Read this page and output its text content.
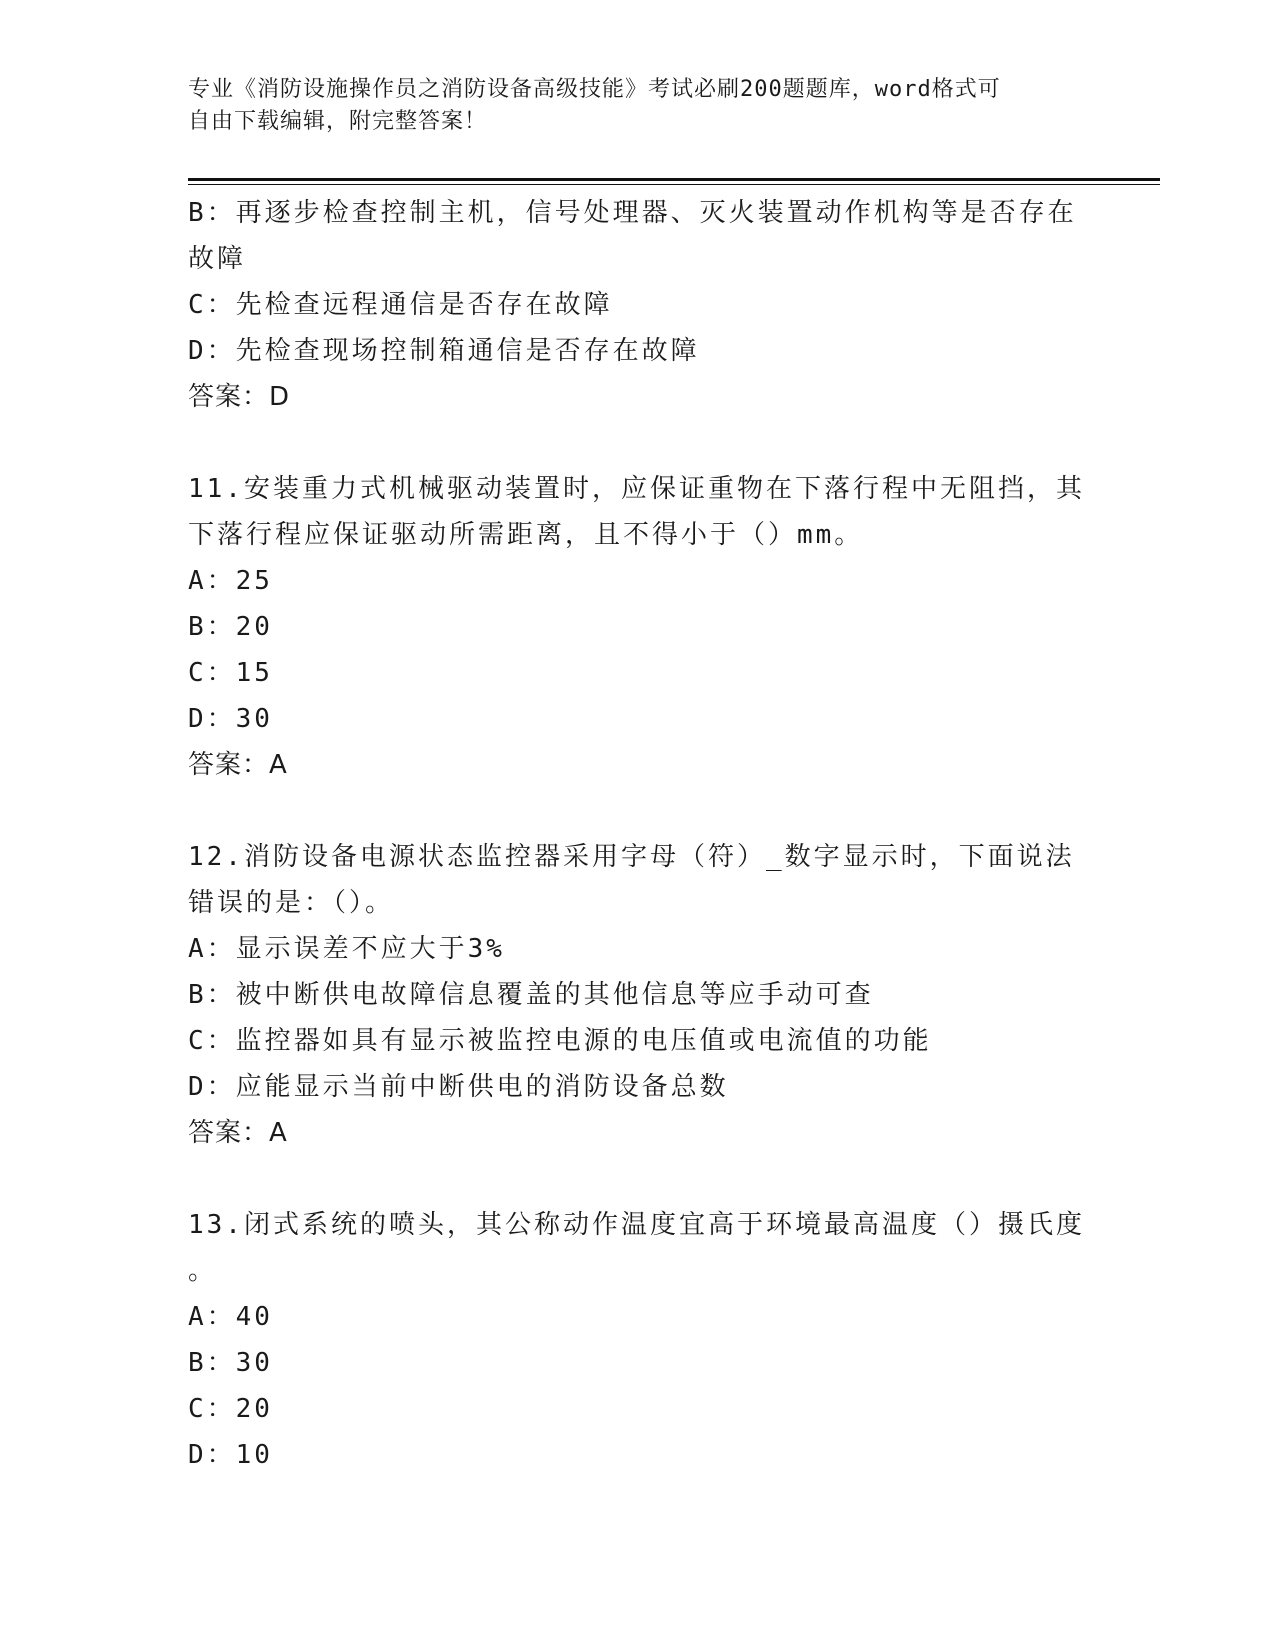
专业《消防设施操作员之消防设备高级技能》考试必刷200题题库，word格式可
自由下载编辑，附完整答案！
B：再逐步检查控制主机，信号处理器、灭火装置动作机构等是否存在
故障
C：先检查远程通信是否存在故障
D：先检查现场控制箱通信是否存在故障
答案：D
11.安装重力式机械驱动装置时，应保证重物在下落行程中无阻挡，其
下落行程应保证驱动所需距离，且不得小于（）mm。
A：25
B：20
C：15
D：30
答案：A
12.消防设备电源状态监控器采用字母（符）_数字显示时，下面说法
错误的是：（）。
A：显示误差不应大于3%
B：被中断供电故障信息覆盖的其他信息等应手动可查
C：监控器如具有显示被监控电源的电压值或电流值的功能
D：应能显示当前中断供电的消防设备总数
答案：A
13.闭式系统的喷头，其公称动作温度宜高于环境最高温度（）摄氏度
。
A：40
B：30
C：20
D：10
